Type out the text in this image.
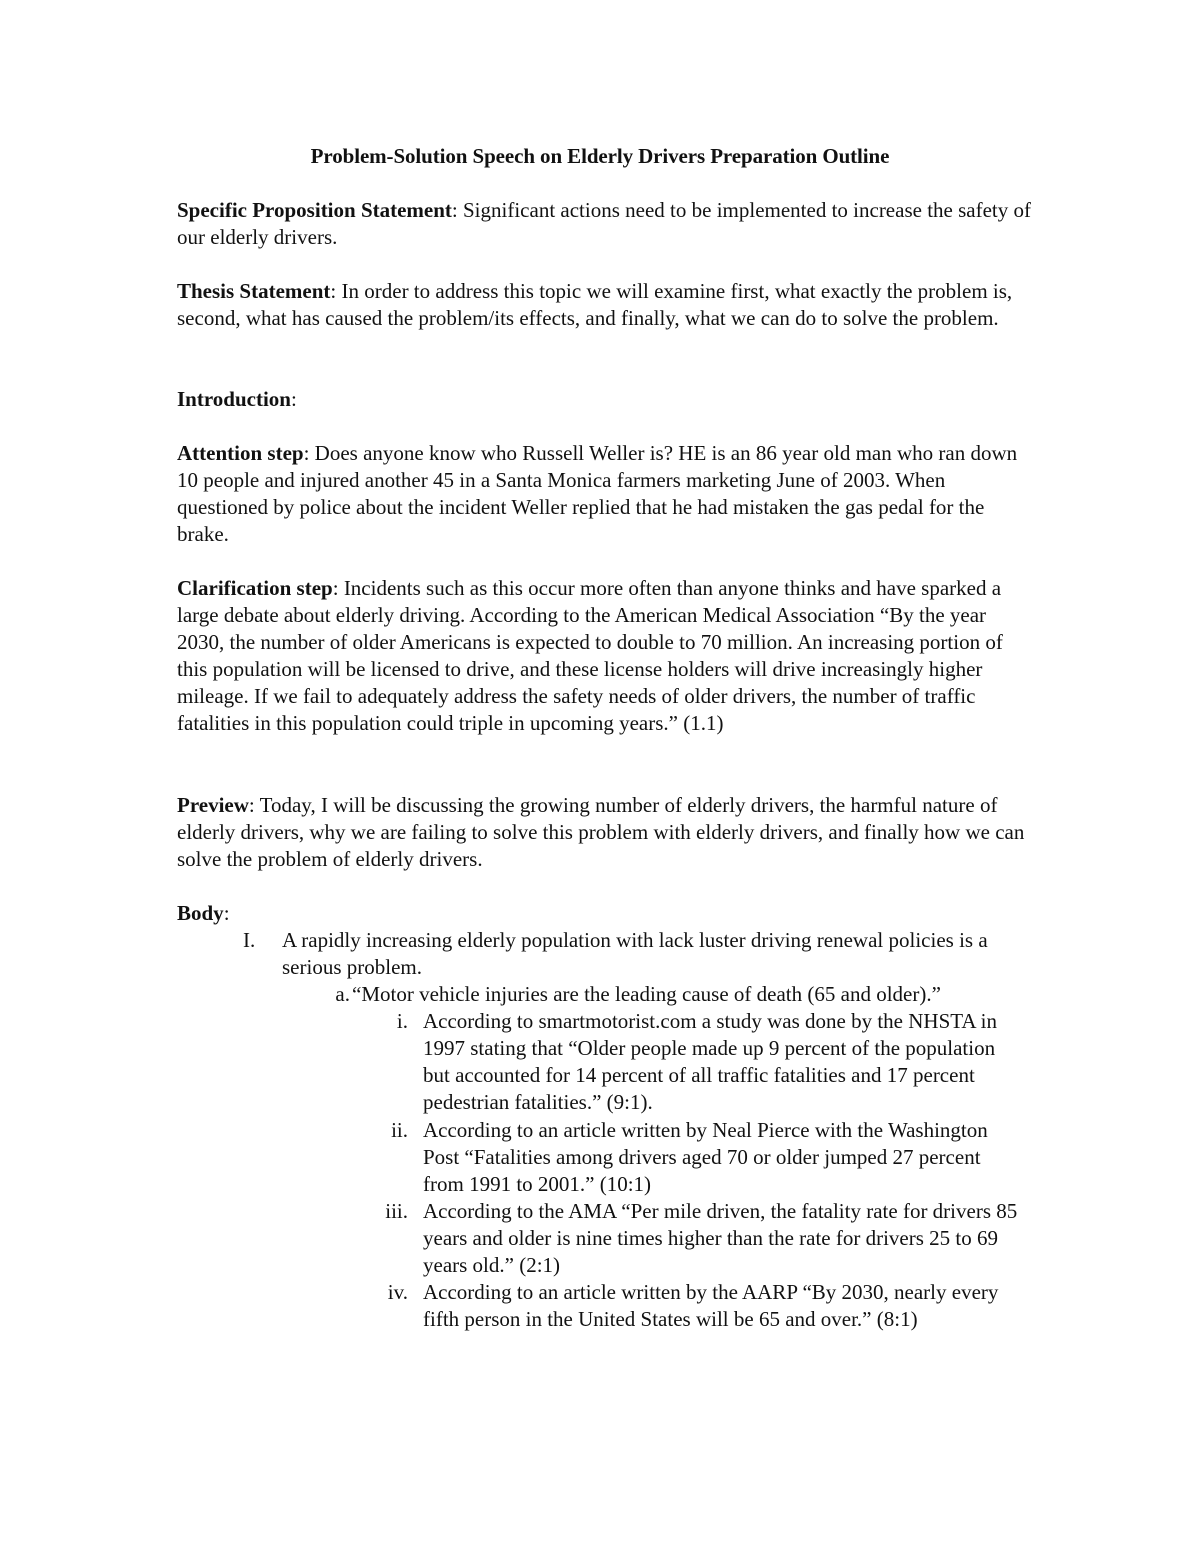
Problem-Solution Speech on Elderly Drivers Preparation Outline
Specific Proposition Statement: Significant actions need to be implemented to increase the safety of our elderly drivers.
Thesis Statement: In order to address this topic we will examine first, what exactly the problem is, second, what has caused the problem/its effects, and finally, what we can do to solve the problem.
Introduction:
Attention step: Does anyone know who Russell Weller is? HE is an 86 year old man who ran down 10 people and injured another 45 in a Santa Monica farmers marketing June of 2003. When questioned by police about the incident Weller replied that he had mistaken the gas pedal for the brake.
Clarification step: Incidents such as this occur more often than anyone thinks and have sparked a large debate about elderly driving. According to the American Medical Association “By the year 2030, the number of older Americans is expected to double to 70 million. An increasing portion of this population will be licensed to drive, and these license holders will drive increasingly higher mileage. If we fail to adequately address the safety needs of older drivers, the number of traffic fatalities in this population could triple in upcoming years.” (1.1)
Preview: Today, I will be discussing the growing number of elderly drivers, the harmful nature of elderly drivers, why we are failing to solve this problem with elderly drivers, and finally how we can solve the problem of elderly drivers.
Body:
I.	A rapidly increasing elderly population with lack luster driving renewal policies is a serious problem.
a. “Motor vehicle injuries are the leading cause of death (65 and older).”
i. According to smartmotorist.com a study was done by the NHSTA in 1997 stating that “Older people made up 9 percent of the population but accounted for 14 percent of all traffic fatalities and 17 percent pedestrian fatalities.” (9:1).
ii. According to an article written by Neal Pierce with the Washington Post “Fatalities among drivers aged 70 or older jumped 27 percent from 1991 to 2001.” (10:1)
iii. According to the AMA “Per mile driven, the fatality rate for drivers 85 years and older is nine times higher than the rate for drivers 25 to 69 years old.” (2:1)
iv. According to an article written by the AARP “By 2030, nearly every fifth person in the United States will be 65 and over.” (8:1)
